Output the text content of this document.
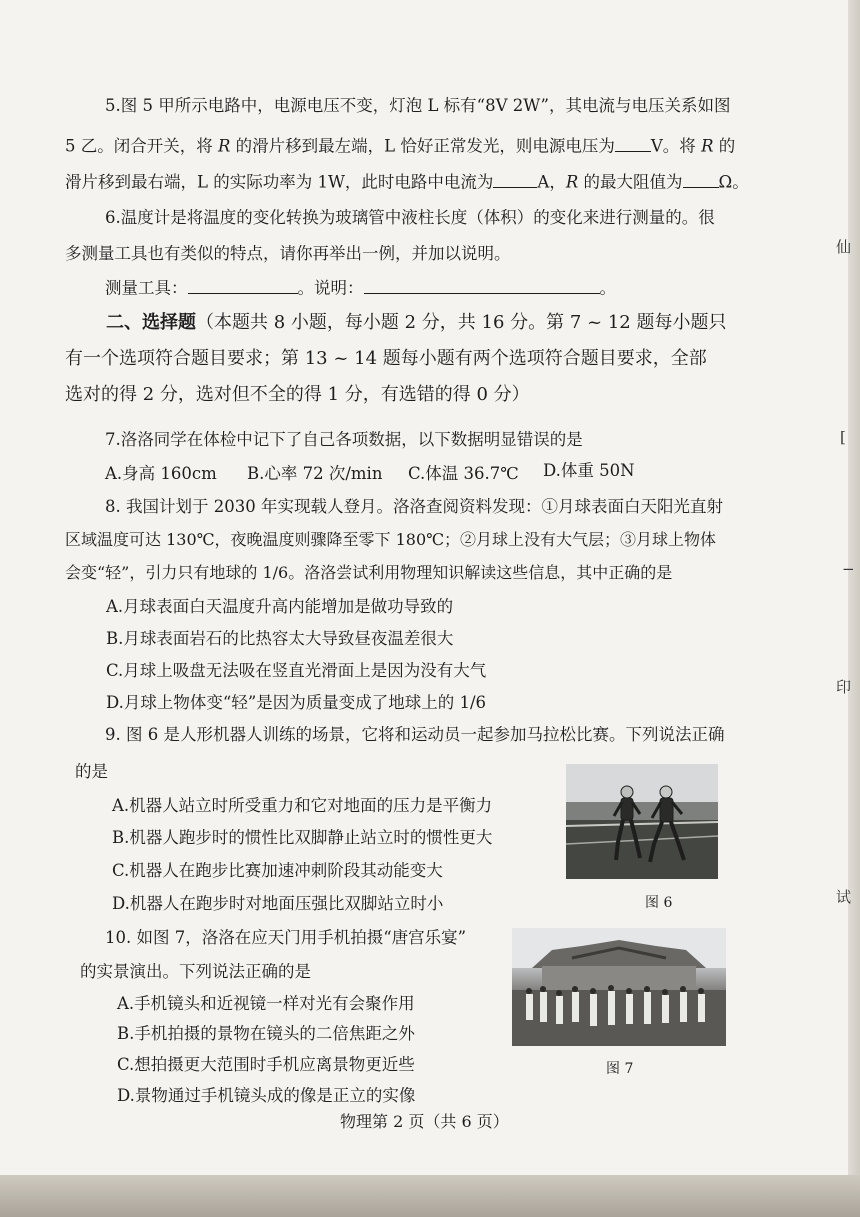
5.图 5 甲所示电路中，电源电压不变，灯泡 L 标有“8V 2W”，其电流与电压关系如图
5 乙。闭合开关，将 R 的滑片移到最左端，L 恰好正常发光，则电源电压为 V。将 R 的
滑片移到最右端，L 的实际功率为 1W，此时电路中电流为	A，R 的最大阻值为 Ω。
6.温度计是将温度的变化转换为玻璃管中液柱长度（体积）的变化来进行测量的。很
多测量工具也有类似的特点，请你再举出一例，并加以说明。
测量工具：	。说明：	。
二、选择题（本题共 8 小题，每小题 2 分，共 16 分。第 7 ~ 12 题每小题只
有一个选项符合题目要求；第 13 ~ 14 题每小题有两个选项符合题目要求，全部
选对的得 2 分，选对但不全的得 1 分，有选错的得 0 分）
7.洛洛同学在体检中记下了自己各项数据，以下数据明显错误的是
A.身高 160cm B.心率 72 次/min C.体温 36.7℃ D.体重 50N
8. 我国计划于 2030 年实现载人登月。洛洛查阅资料发现：①月球表面白天阳光直射
区域温度可达 130℃，夜晚温度则骤降至零下 180℃；②月球上没有大气层；③月球上物体
会变“轻”，引力只有地球的 1/6。洛洛尝试利用物理知识解读这些信息，其中正确的是
A.月球表面白天温度升高内能增加是做功导致的
B.月球表面岩石的比热容太大导致昼夜温差很大
C.月球上吸盘无法吸在竖直光滑面上是因为没有大气
D.月球上物体变“轻”是因为质量变成了地球上的 1/6
9. 图 6 是人形机器人训练的场景，它将和运动员一起参加马拉松比赛。下列说法正确
的是
A.机器人站立时所受重力和它对地面的压力是平衡力
B.机器人跑步时的惯性比双脚静止站立时的惯性更大
C.机器人在跑步比赛加速冲刺阶段其动能变大
D.机器人在跑步时对地面压强比双脚站立时小	图 6
10. 如图 7，洛洛在应天门用手机拍摄“唐宫乐宴”
的实景演出。下列说法正确的是
A.手机镜头和近视镜一样对光有会聚作用
B.手机拍摄的景物在镜头的二倍焦距之外
C.想拍摄更大范围时手机应离景物更近些
D.景物通过手机镜头成的像是正立的实像
图 7
物理第 2 页（共 6 页）
仙
[
−
印
试
